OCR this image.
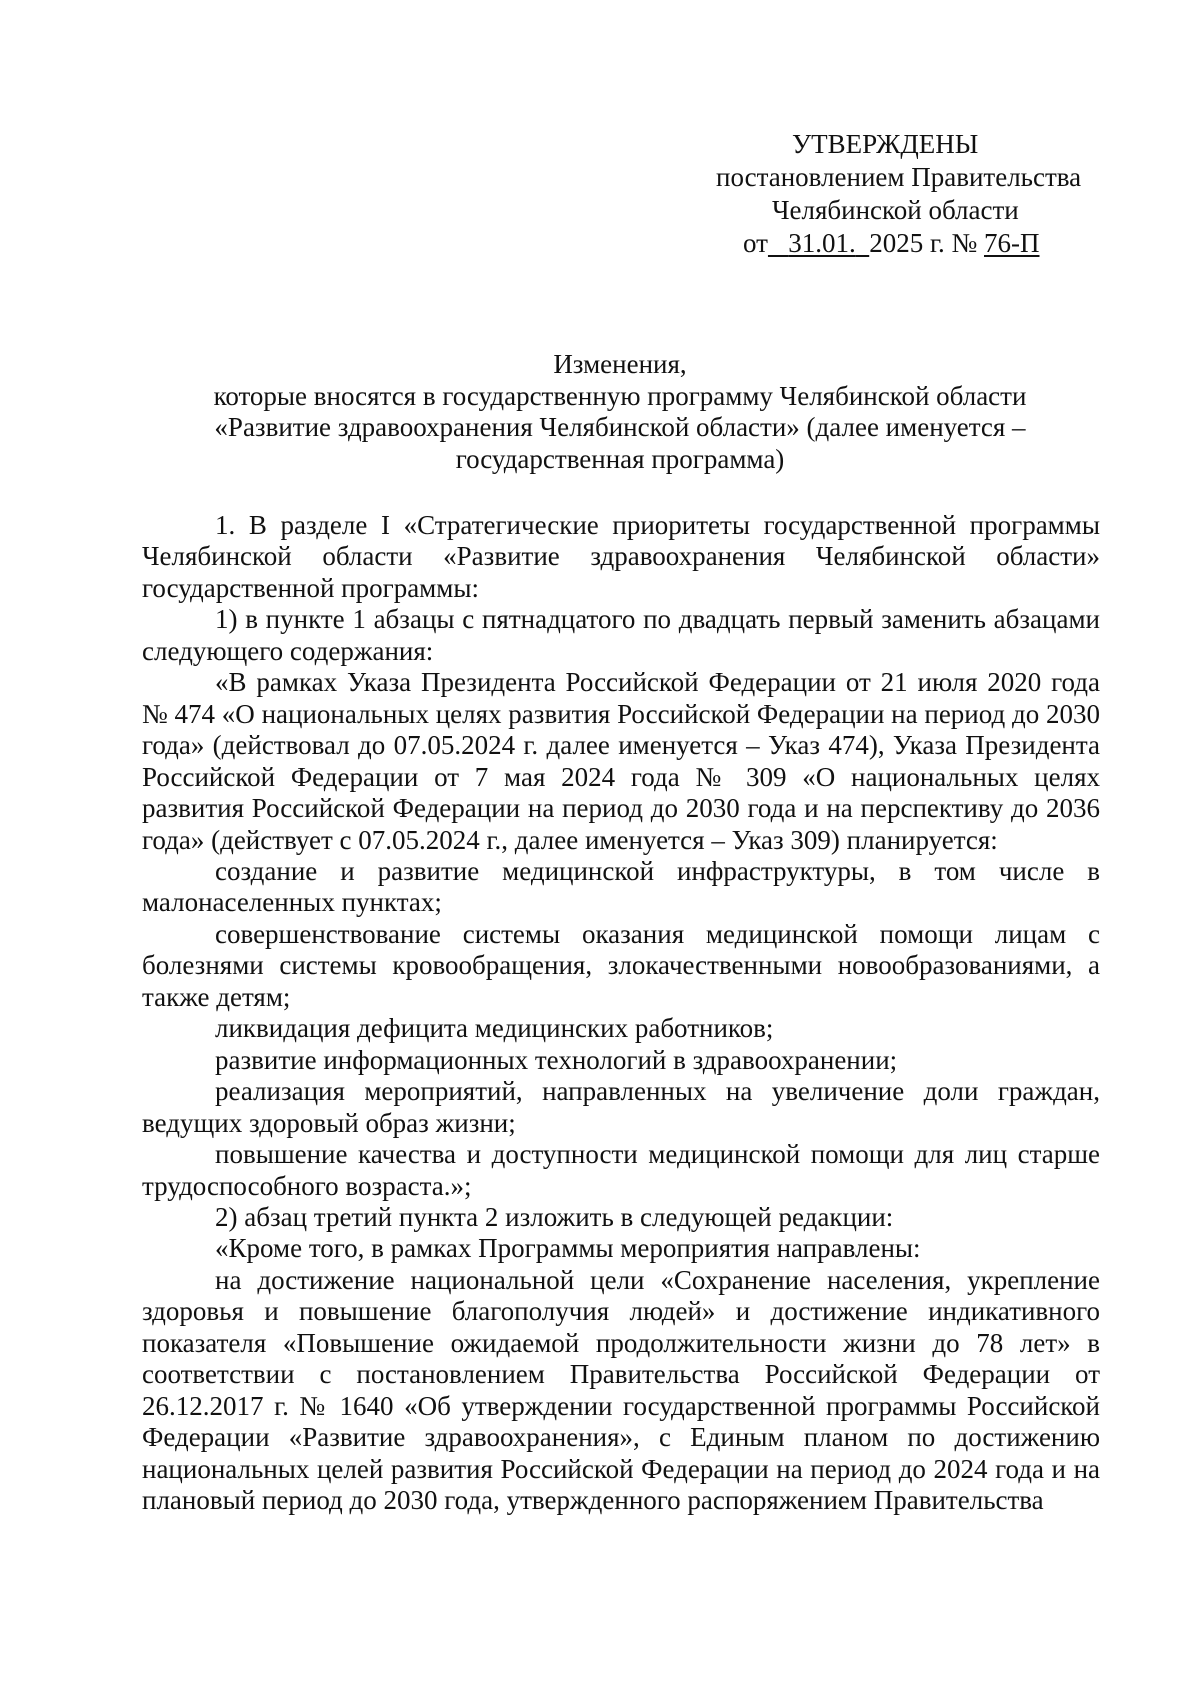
УТВЕРЖДЕНЫ
постановлением Правительства
Челябинской области
от 31.01. 2025 г. № 76-П
Изменения,
которые вносятся в государственную программу Челябинской области
«Развитие здравоохранения Челябинской области» (далее именуется –
государственная программа)

1. В разделе I «Стратегические приоритеты государственной программы Челябинской области «Развитие здравоохранения Челябинской области» государственной программы:

1) в пункте 1 абзацы с пятнадцатого по двадцать первый заменить абзацами следующего содержания:

«В рамках Указа Президента Российской Федерации от 21 июля 2020 года № 474 «О национальных целях развития Российской Федерации на период до 2030 года» (действовал до 07.05.2024 г. далее именуется – Указ 474), Указа Президента Российской Федерации от 7 мая 2024 года № 309 «О национальных целях развития Российской Федерации на период до 2030 года и на перспективу до 2036 года» (действует с 07.05.2024 г., далее именуется – Указ 309) планируется:

создание и развитие медицинской инфраструктуры, в том числе в малонаселенных пунктах;

совершенствование системы оказания медицинской помощи лицам с болезнями системы кровообращения, злокачественными новообразованиями, а также детям;

ликвидация дефицита медицинских работников;

развитие информационных технологий в здравоохранении;

реализация мероприятий, направленных на увеличение доли граждан, ведущих здоровый образ жизни;

повышение качества и доступности медицинской помощи для лиц старше трудоспособного возраста.»;

2) абзац третий пункта 2 изложить в следующей редакции:

«Кроме того, в рамках Программы мероприятия направлены:

на достижение национальной цели «Сохранение населения, укрепление здоровья и повышение благополучия людей» и достижение индикативного показателя «Повышение ожидаемой продолжительности жизни до 78 лет» в соответствии с постановлением Правительства Российской Федерации от 26.12.2017 г. № 1640 «Об утверждении государственной программы Российской Федерации «Развитие здравоохранения», с Единым планом по достижению национальных целей развития Российской Федерации на период до 2024 года и на плановый период до 2030 года, утвержденного распоряжением Правительства
